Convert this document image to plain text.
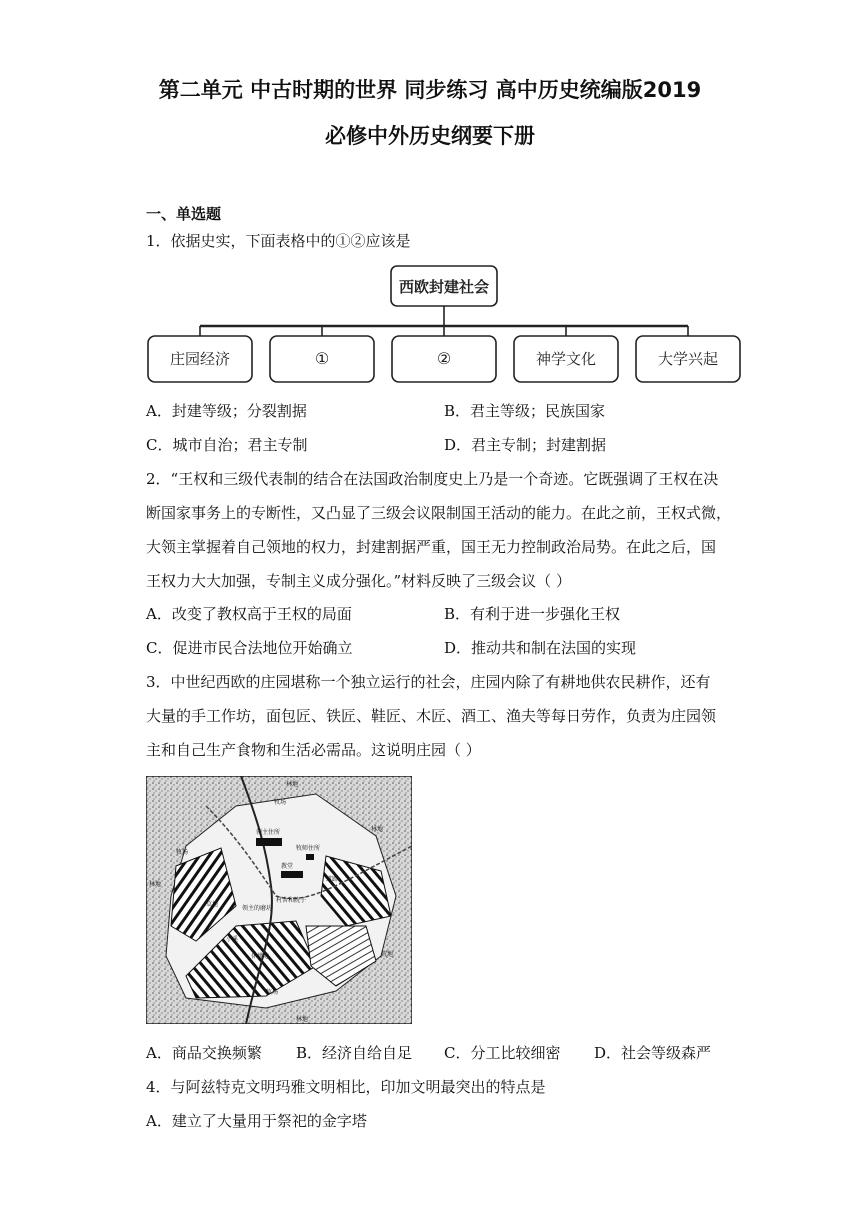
第二单元 中古时期的世界 同步练习 高中历史统编版2019
必修中外历史纲要下册
一、单选题
1．依据史实，下面表格中的①②应该是
西欧封建社会
庄园经济	①	②	神学文化	大学兴起
A．封建等级；分裂割据	B．君主等级；民族国家
C．城市自治；君主专制	D．君主专制；封建割据
2．“王权和三级代表制的结合在法国政治制度史上乃是一个奇迹。它既强调了王权在决
断国家事务上的专断性，又凸显了三级会议限制国王活动的能力。在此之前，王权式微，
大领主掌握着自己领地的权力，封建割据严重，国王无力控制政治局势。在此之后，国
王权力大大加强，专制主义成分强化。”材料反映了三级会议（ ）
A．改变了教权高于王权的局面	B．有利于进一步强化王权
C．促进市民合法地位开始确立	D．推动共和制在法国的实现
3．中世纪西欧的庄园堪称一个独立运行的社会，庄园内除了有耕地供农民耕作，还有
大量的手工作坊，面包匠、铁匠、鞋匠、木匠、酒工、渔夫等每日劳作，负责为庄园领
主和自己生产食物和生活必需品。这说明庄园（ ）
林地
牧场
林地
领主住所
牧师住所
教堂
村舍和院子
领主的磨坊
小溪
牧场
林地
牧场
林地
荒地
休耕地
草地
道路
A．商品交换频繁 B．经济自给自足 C．分工比较细密 D．社会等级森严
4．与阿兹特克文明玛雅文明相比，印加文明最突出的特点是
A．建立了大量用于祭祀的金字塔
